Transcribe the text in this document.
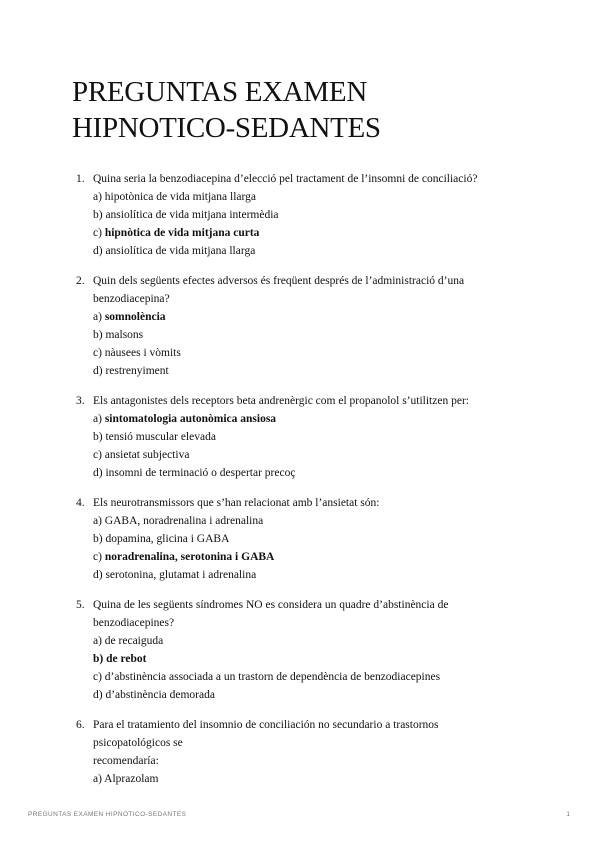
PREGUNTAS EXAMEN
HIPNOTICO-SEDANTES
1. Quina seria la benzodiacepina d’elecció pel tractament de l’insomni de conciliació?
a) hipotònica de vida mitjana llarga
b) ansiolítica de vida mitjana intermèdia
c) hipnòtica de vida mitjana curta
d) ansiolítica de vida mitjana llarga
2. Quin dels següents efectes adversos és freqüent després de l’administració d’una
benzodiacepina?
a) somnolència
b) malsons
c) nàusees i vòmits
d) restrenyiment
3. Els antagonistes dels receptors beta andrenèrgic com el propanolol s’utilitzen per:
a) sintomatologia autonòmica ansiosa
b) tensió muscular elevada
c) ansietat subjectiva
d) insomni de terminació o despertar precoç
4. Els neurotransmissors que s’han relacionat amb l’ansietat són:
a) GABA, noradrenalina i adrenalina
b) dopamina, glicina i GABA
c) noradrenalina, serotonina i GABA
d) serotonina, glutamat i adrenalina
5. Quina de les següents síndromes NO es considera un quadre d’abstinència de
benzodiacepines?
a) de recaiguda
b) de rebot
c) d’abstinència associada a un trastorn de dependència de benzodiacepines
d) d’abstinència demorada
6. Para el tratamiento del insomnio de conciliación no secundario a trastornos
psicopatológicos se
recomendaría:
a) Alprazolam
PREGUNTAS EXAMEN HIPNOTICO-SEDANTES	1
